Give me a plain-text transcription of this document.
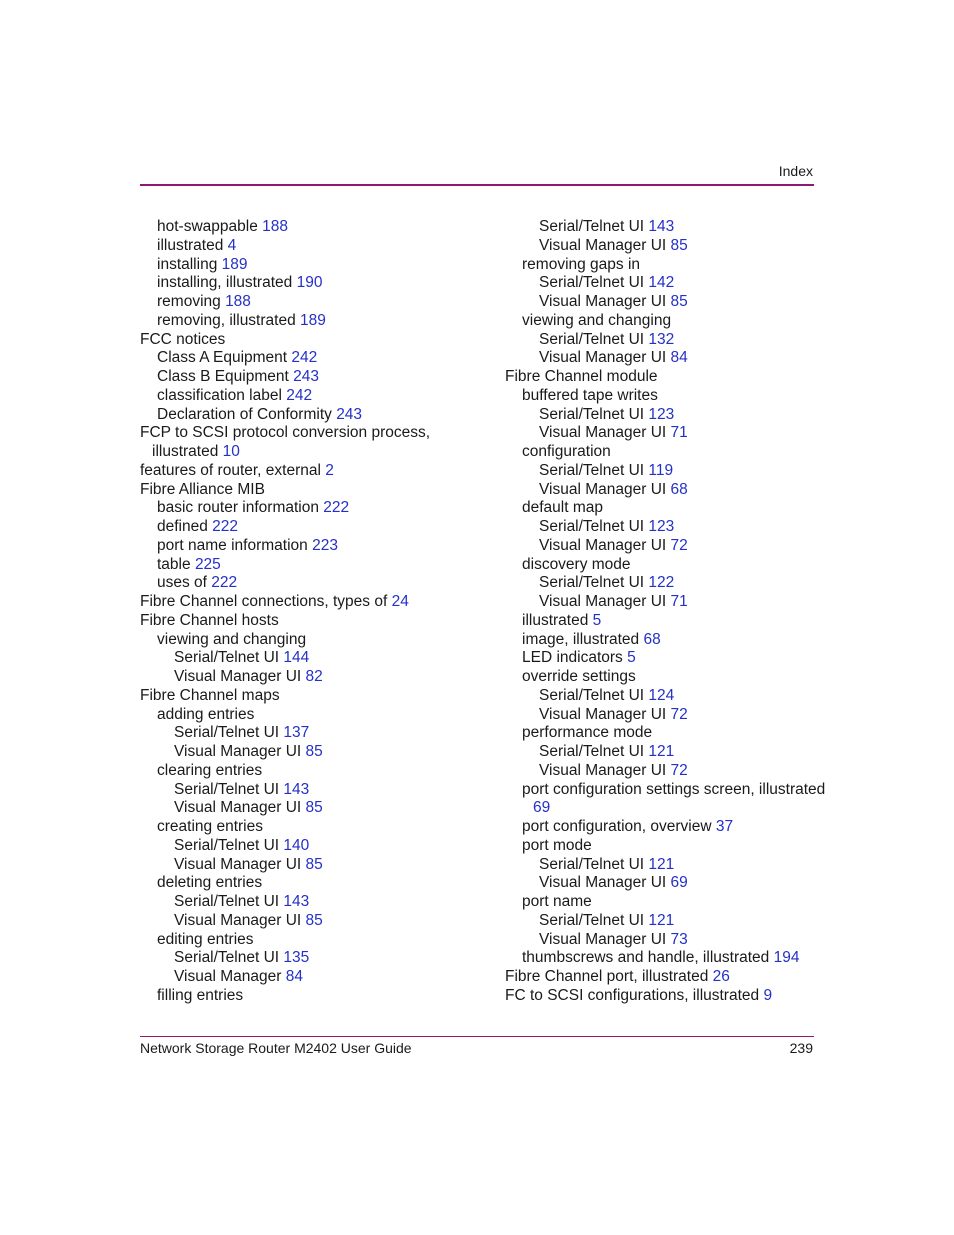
Index
hot-swappable 188
illustrated 4
installing 189
installing, illustrated 190
removing 188
removing, illustrated 189
FCC notices
Class A Equipment 242
Class B Equipment 243
classification label 242
Declaration of Conformity 243
FCP to SCSI protocol conversion process,
illustrated 10
features of router, external 2
Fibre Alliance MIB
basic router information 222
defined 222
port name information 223
table 225
uses of 222
Fibre Channel connections, types of 24
Fibre Channel hosts
viewing and changing
Serial/Telnet UI 144
Visual Manager UI 82
Fibre Channel maps
adding entries
Serial/Telnet UI 137
Visual Manager UI 85
clearing entries
Serial/Telnet UI 143
Visual Manager UI 85
creating entries
Serial/Telnet UI 140
Visual Manager UI 85
deleting entries
Serial/Telnet UI 143
Visual Manager UI 85
editing entries
Serial/Telnet UI 135
Visual Manager 84
filling entries
Serial/Telnet UI 143
Visual Manager UI 85
removing gaps in
Serial/Telnet UI 142
Visual Manager UI 85
viewing and changing
Serial/Telnet UI 132
Visual Manager UI 84
Fibre Channel module
buffered tape writes
Serial/Telnet UI 123
Visual Manager UI 71
configuration
Serial/Telnet UI 119
Visual Manager UI 68
default map
Serial/Telnet UI 123
Visual Manager UI 72
discovery mode
Serial/Telnet UI 122
Visual Manager UI 71
illustrated 5
image, illustrated 68
LED indicators 5
override settings
Serial/Telnet UI 124
Visual Manager UI 72
performance mode
Serial/Telnet UI 121
Visual Manager UI 72
port configuration settings screen, illustrated
69
port configuration, overview 37
port mode
Serial/Telnet UI 121
Visual Manager UI 69
port name
Serial/Telnet UI 121
Visual Manager UI 73
thumbscrews and handle, illustrated 194
Fibre Channel port, illustrated 26
FC to SCSI configurations, illustrated 9
Network Storage Router M2402 User Guide	239
